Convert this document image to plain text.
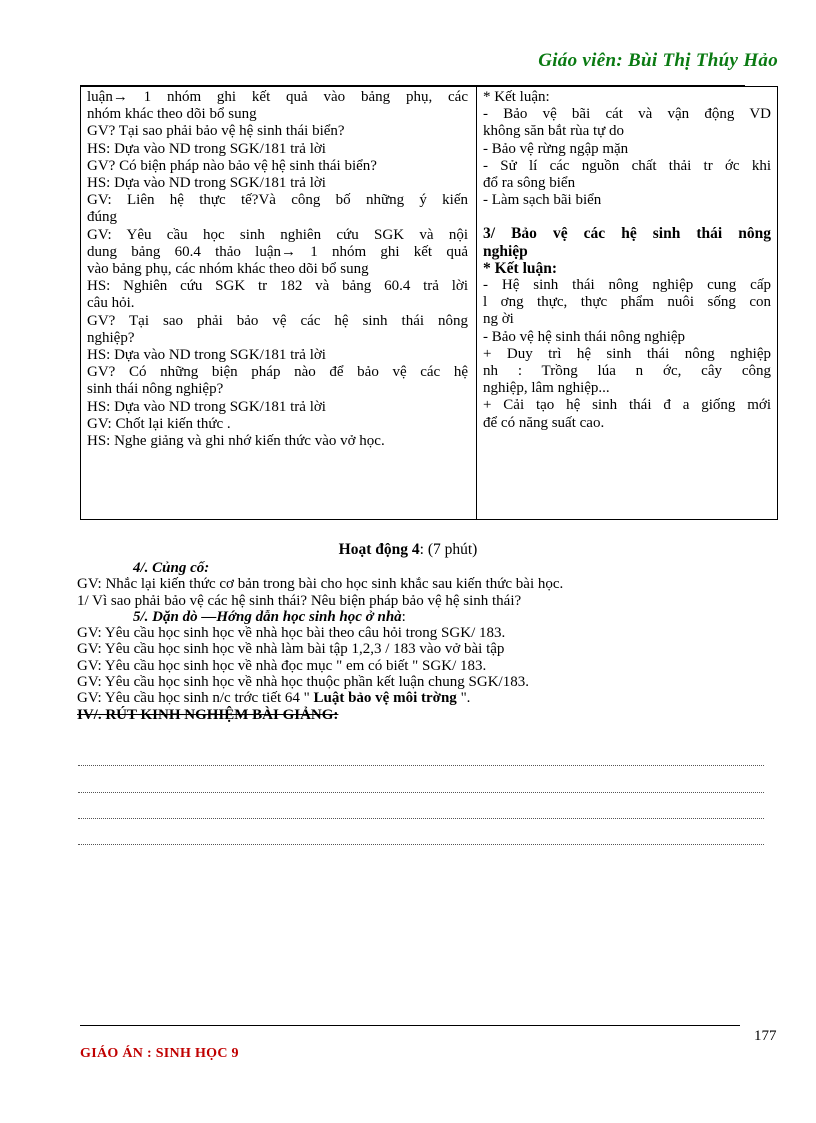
Giáo viên: Bùi Thị Thúy Hảo
luận→ 1 nhóm ghi kết quả vào bảng phụ, các
nhóm khác theo dõi bổ sung
GV? Tại sao phải bảo vệ hệ sinh thái biển?
HS: Dựa vào ND trong SGK/181 trả lời
GV? Có biện pháp nào bảo vệ hệ sinh thái biển?
HS: Dựa vào ND trong SGK/181 trả lời
GV: Liên hệ thực tế?Và công bố những ý kiến
đúng
GV: Yêu cầu học sinh nghiên cứu SGK và nội
dung bảng 60.4 thảo luận→ 1 nhóm ghi kết quả
vào bảng phụ, các nhóm khác theo dõi bổ sung
HS: Nghiên cứu SGK tr 182 và bảng 60.4 trả lời
câu hỏi.
GV? Tại sao phải bảo vệ các hệ sinh thái nông
nghiệp?
HS: Dựa vào ND trong SGK/181 trả lời
GV? Có những biện pháp nào để bảo vệ các hệ
sinh thái nông nghiệp?
HS: Dựa vào ND trong SGK/181 trả lời
GV: Chốt lại kiến thức .
HS: Nghe giảng và ghi nhớ kiến thức vào vở học.
* Kết luận:
- Bảo vệ bãi cát và vận động VD
không săn bắt rùa tự do
- Bảo vệ rừng ngập mặn
- Sử lí các nguồn chất thải tr ớc khi
đổ ra sông biển
- Làm sạch bãi biển
3/ Bảo vệ các hệ sinh thái nông
nghiệp
* Kết luận:
- Hệ sinh thái nông nghiệp cung cấp
l ơng thực, thực phẩm nuôi sống con
ng ời
- Bảo vệ hệ sinh thái nông nghiệp
+ Duy trì hệ sinh thái nông nghiệp
nh : Trồng lúa n ớc, cây công
nghiệp, lâm nghiệp...
+ Cải tạo hệ sinh thái đ a giống mới
để có năng suất cao.
Hoạt động 4: (7 phút)
4/. Củng cố:
GV: Nhắc lại kiến thức cơ bản trong bài cho học sinh khắc sau kiến thức bài học.
1/ Vì sao phải bảo vệ các hệ sinh thái? Nêu biện pháp bảo vệ hệ sinh thái?
5/. Dặn dò —Hớng dẫn học sinh học ở nhà:
GV: Yêu cầu học sinh học về nhà học bài theo câu hỏi trong SGK/ 183.
GV: Yêu cầu học sinh học về nhà làm bài tập 1,2,3 / 183 vào vở bài tập
GV: Yêu cầu học sinh học về nhà đọc mục " em có biết " SGK/ 183.
GV: Yêu cầu học sinh học về nhà học thuộc phần kết luận chung SGK/183.
GV: Yêu cầu học sinh n/c trớc tiết 64 " Luật bảo vệ môi trờng ".
IV/. RÚT KINH NGHIỆM BÀI GIẢNG:
177
GIÁO ÁN : SINH HỌC 9
